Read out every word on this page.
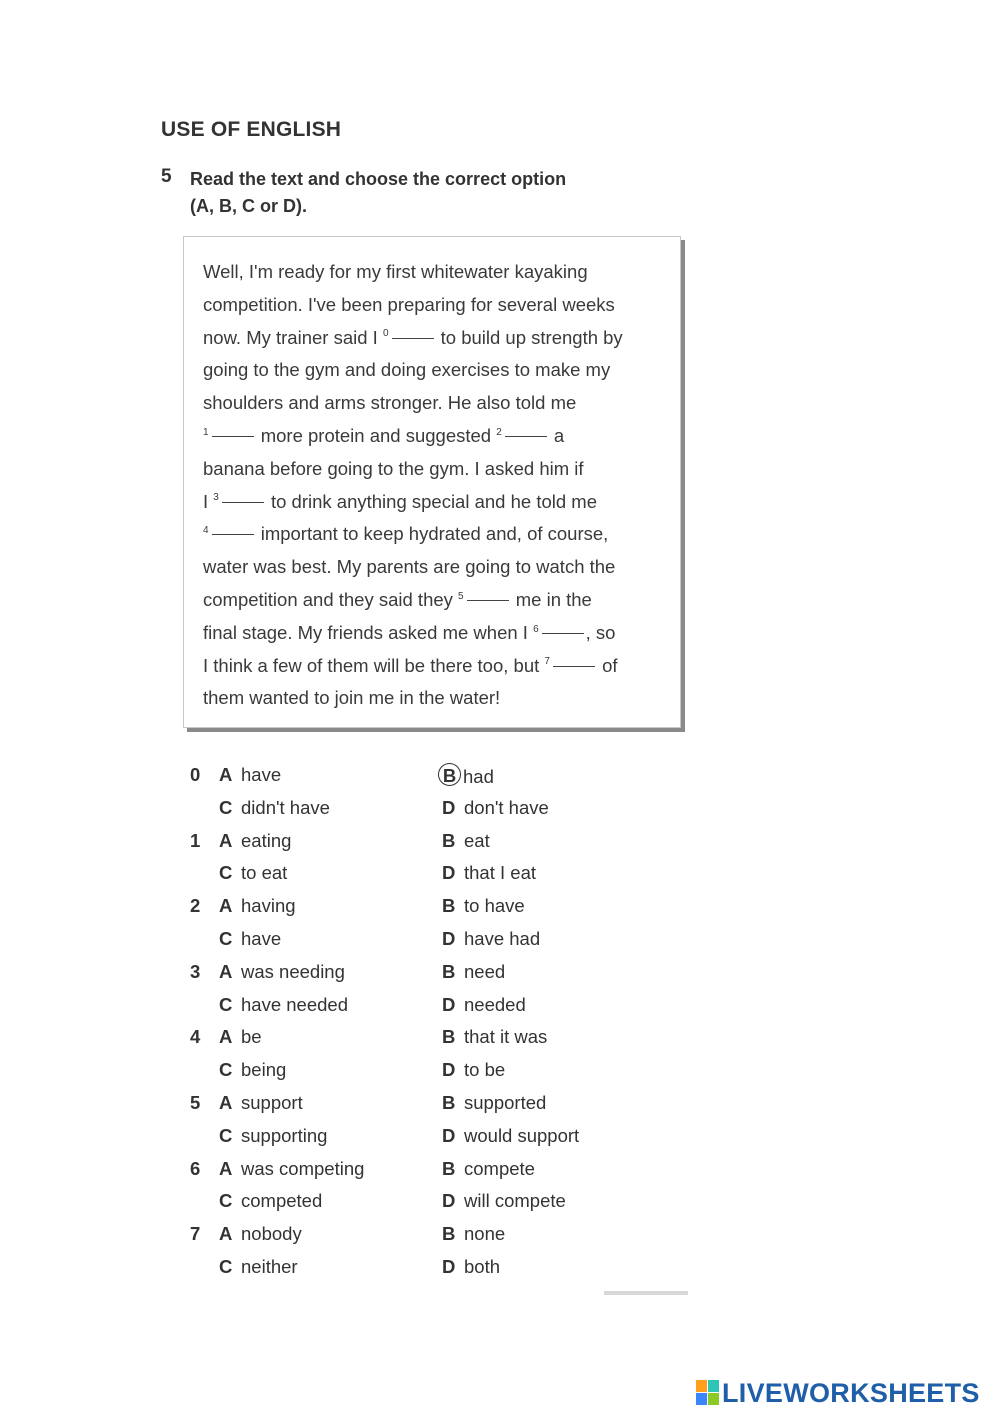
USE OF ENGLISH
5 Read the text and choose the correct option
(A, B, C or D).
Well, I'm ready for my first whitewater kayaking
competition. I've been preparing for several weeks
now. My trainer said I $^0$	to build up strength by
going to the gym and doing exercises to make my
shoulders and arms stronger. He also told me
$^1$	more protein and suggested $^2$	a
banana before going to the gym. I asked him if
I $^3$	to drink anything special and he told me
$^4$	important to keep hydrated and, of course,
water was best. My parents are going to watch the
competition and they said they $^5$	me in the
final stage. My friends asked me when I $^6$	, so
I think a few of them will be there too, but $^7$	of
them wanted to join me in the water!
0 A have	B had
C didn't have	D don't have
1 A eating	B eat
C to eat	D that I eat
2 A having	B to have
C have	D have had
3 A was needing	B need
C have needed	D needed
4 A be	B that it was
C being	D to be
5 A support	B supported
C supporting	D would support
6 A was competing	B compete
C competed	D will compete
7 A nobody	B none
C neither	D both
LIVEWORKSHEETS
